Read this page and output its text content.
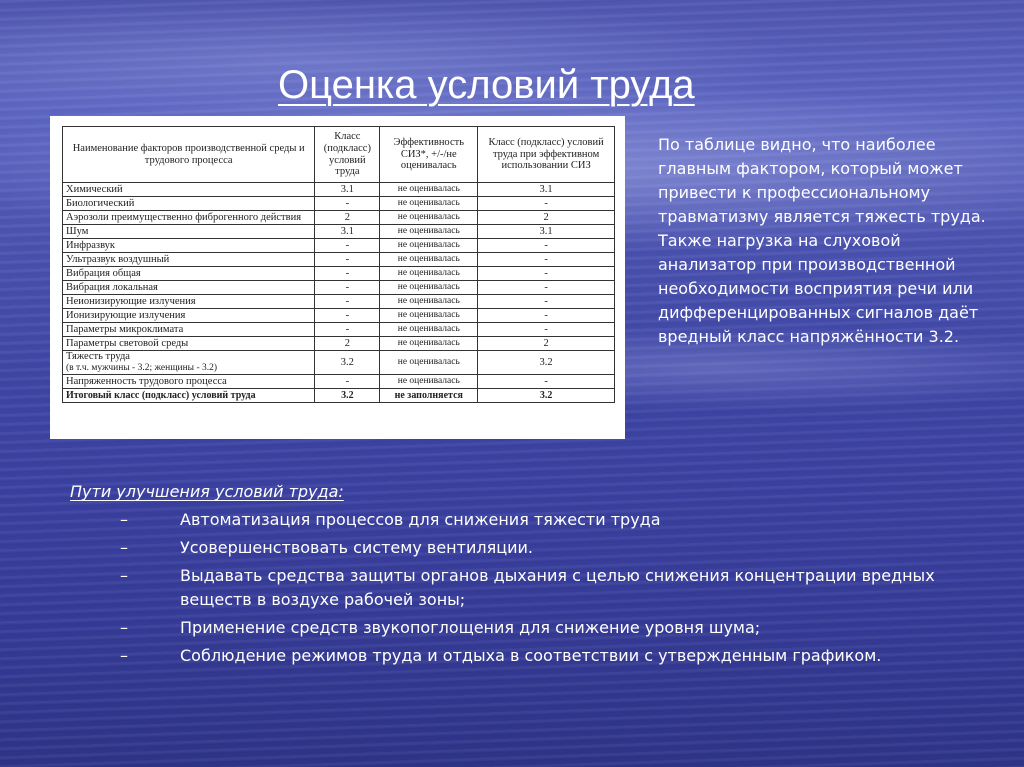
Оценка условий труда
Наименование факторов производственной среды и трудового процесса	Класс (подкласс) условий труда	Эффективность СИЗ*, +/-/не оценивалась	Класс (подкласс) условий труда при эффективном использовании СИЗ
Химический	3.1	не оценивалась	3.1
Биологический	-	не оценивалась	-
Аэрозоли преимущественно фиброгенного действия	2	не оценивалась	2
Шум	3.1	не оценивалась	3.1
Инфразвук	-	не оценивалась	-
Ультразвук воздушный	-	не оценивалась	-
Вибрация общая	-	не оценивалась	-
Вибрация локальная	-	не оценивалась	-
Неионизирующие излучения	-	не оценивалась	-
Ионизирующие излучения	-	не оценивалась	-
Параметры микроклимата	-	не оценивалась	-
Параметры световой среды	2	не оценивалась	2
Тяжесть труда
(в т.ч. мужчины - 3.2; женщины - 3.2)	3.2	не оценивалась	3.2
Напряженность трудового процесса	-	не оценивалась	-
Итоговый класс (подкласс) условий труда	3.2	не заполняется	3.2
По таблице видно, что наиболее главным фактором, который может привести к профессиональному травматизму является тяжесть труда. Также нагрузка на слуховой анализатор при производственной необходимости восприятия речи или дифференцированных сигналов даёт вредный класс напряжённости 3.2.
Пути улучшения условий труда:
–	Автоматизация процессов для снижения тяжести труда
–	Усовершенствовать систему вентиляции.
–	Выдавать средства защиты органов дыхания с целью снижения концентрации вредных веществ в воздухе рабочей зоны;
–	Применение средств звукопоглощения для снижение уровня шума;
–	Соблюдение режимов труда и отдыха в соответствии с утвержденным графиком.
